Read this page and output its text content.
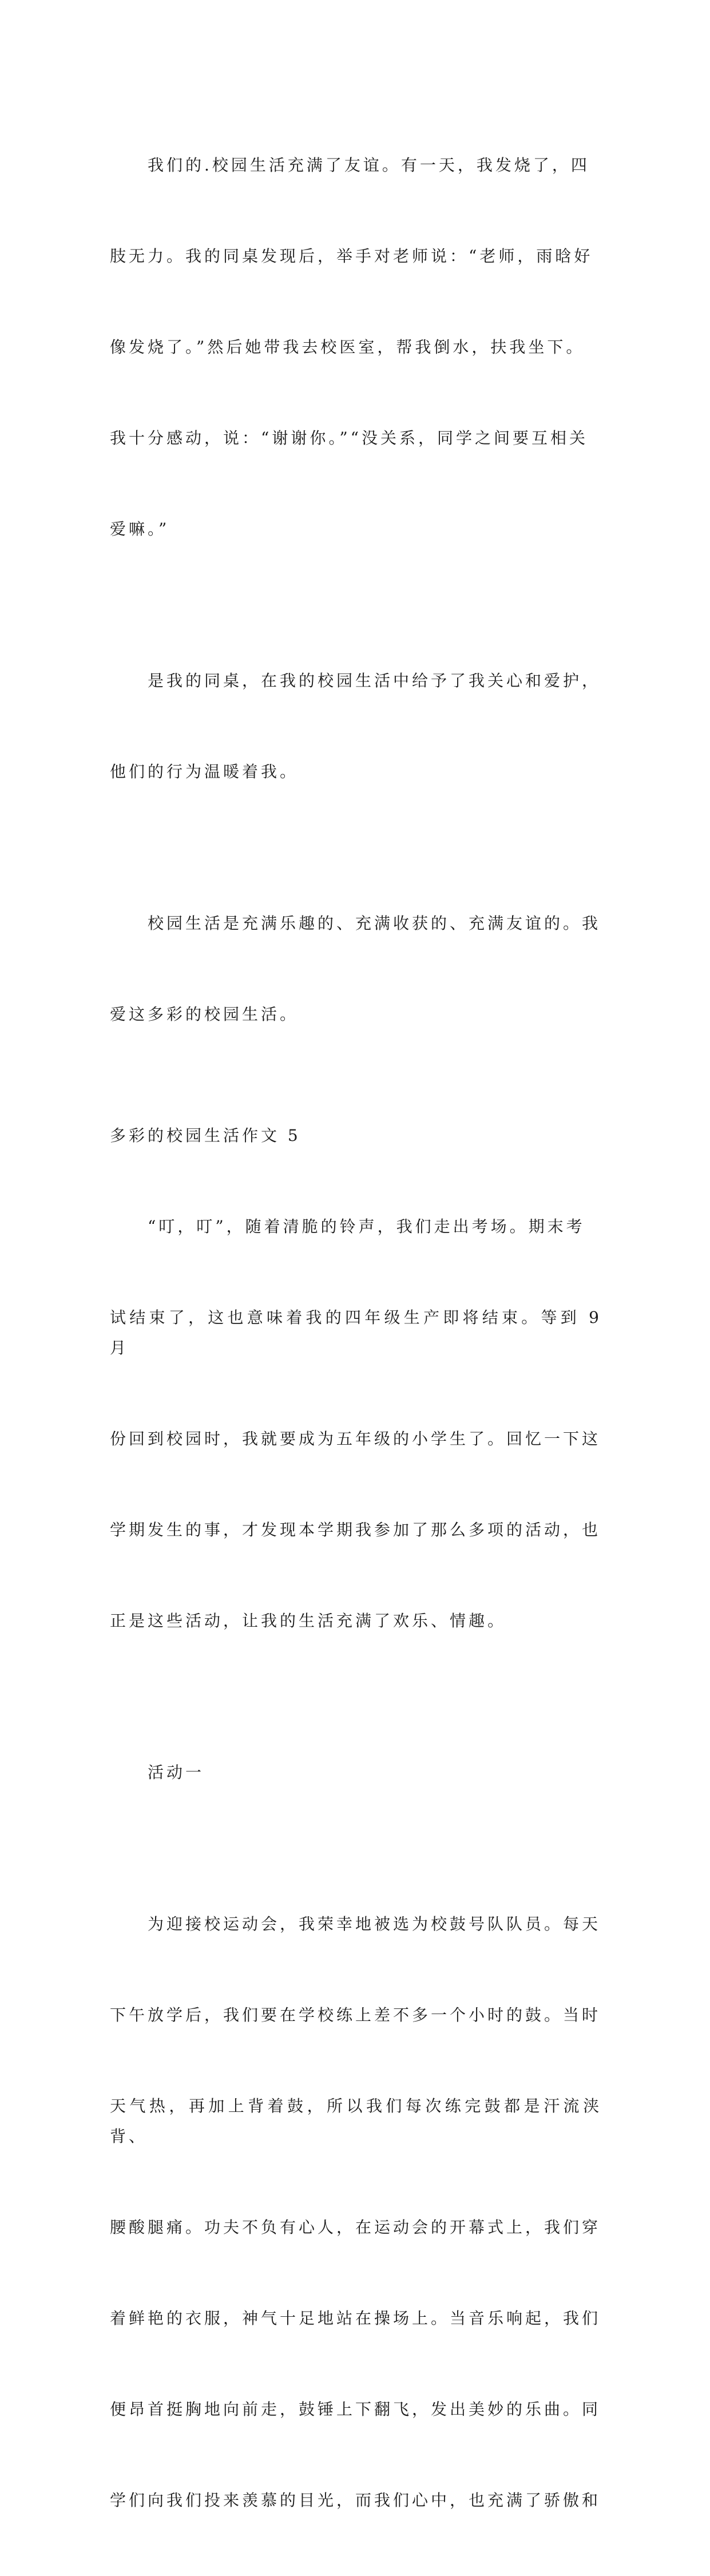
我们的.校园生活充满了友谊。有一天，我发烧了，四

肢无力。我的同桌发现后，举手对老师说：“老师，雨晗好

像发烧了。”然后她带我去校医室，帮我倒水，扶我坐下。

我十分感动，说：“谢谢你。”“没关系，同学之间要互相关

爱嘛。”

是我的同桌，在我的校园生活中给予了我关心和爱护，

他们的行为温暖着我。

校园生活是充满乐趣的、充满收获的、充满友谊的。我

爱这多彩的校园生活。

多彩的校园生活作文 5

“叮，叮”，随着清脆的铃声，我们走出考场。期末考

试结束了，这也意味着我的四年级生产即将结束。等到 9 月

份回到校园时，我就要成为五年级的小学生了。回忆一下这

学期发生的事，才发现本学期我参加了那么多项的活动，也

正是这些活动，让我的生活充满了欢乐、情趣。

活动一

为迎接校运动会，我荣幸地被选为校鼓号队队员。每天

下午放学后，我们要在学校练上差不多一个小时的鼓。当时

天气热，再加上背着鼓，所以我们每次练完鼓都是汗流浃背、

腰酸腿痛。功夫不负有心人，在运动会的开幕式上，我们穿

着鲜艳的衣服，神气十足地站在操场上。当音乐响起，我们

便昂首挺胸地向前走，鼓锤上下翻飞，发出美妙的乐曲。同

学们向我们投来羡慕的目光，而我们心中，也充满了骄傲和
